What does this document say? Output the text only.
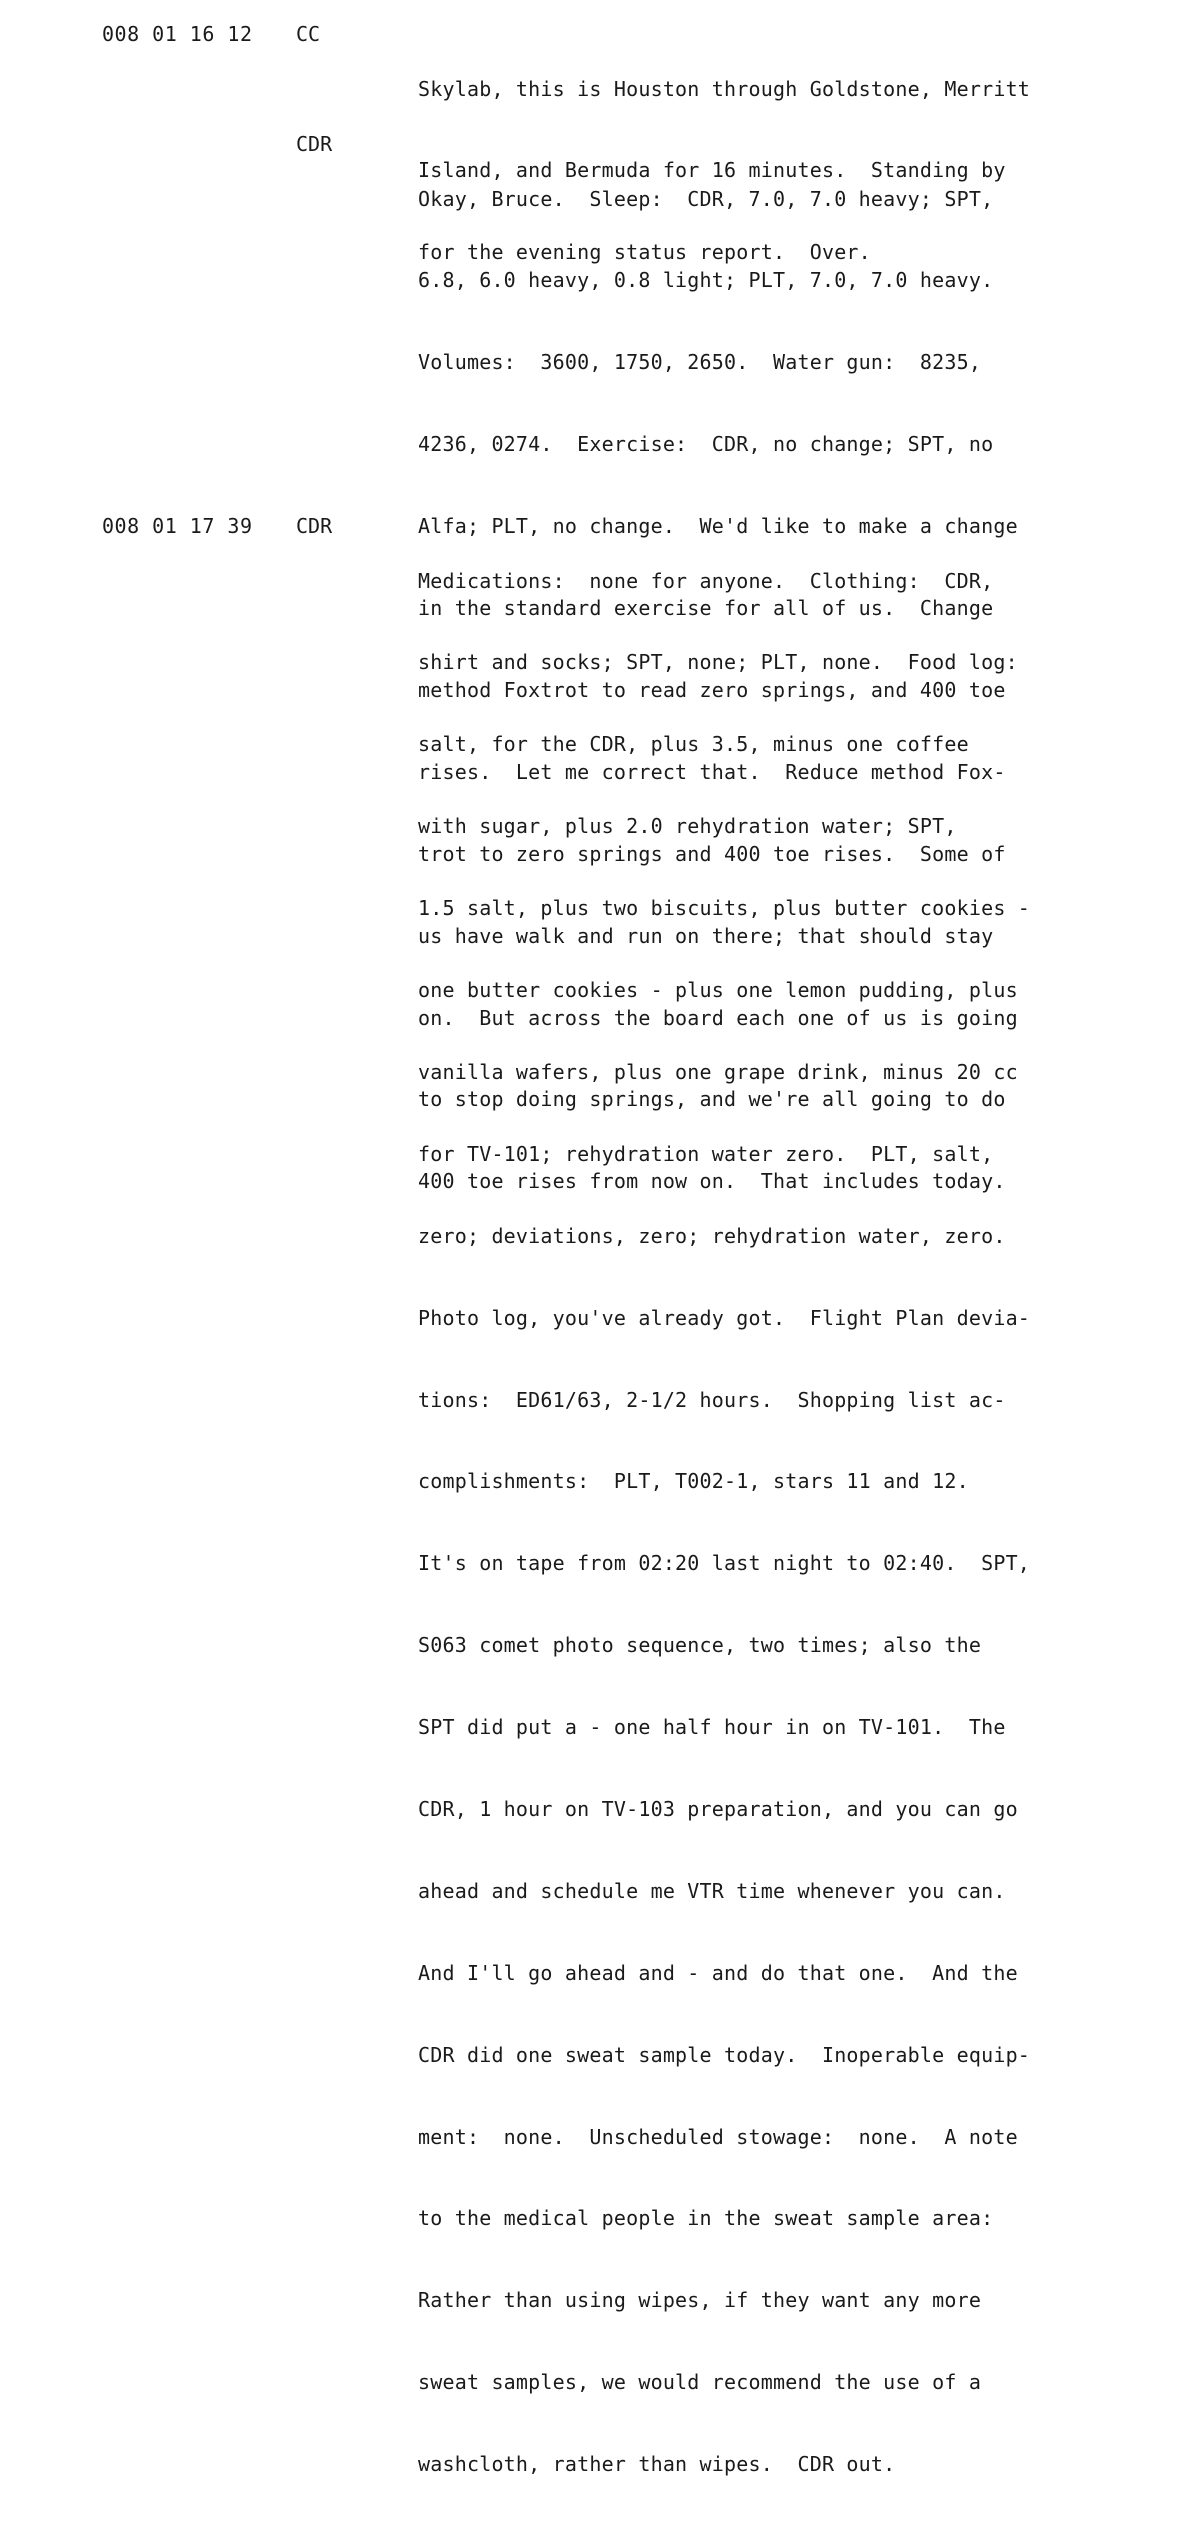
008 01 16 12 CC

Skylab, this is Houston through Goldstone, Merritt

Island, and Bermuda for 16 minutes.  Standing by

for the evening status report.  Over.

CDR

Okay, Bruce.  Sleep:  CDR, 7.0, 7.0 heavy; SPT,

6.8, 6.0 heavy, 0.8 light; PLT, 7.0, 7.0 heavy.

Volumes:  3600, 1750, 2650.  Water gun:  8235,

4236, 0274.  Exercise:  CDR, no change; SPT, no

Alfa; PLT, no change.  We'd like to make a change

in the standard exercise for all of us.  Change

method Foxtrot to read zero springs, and 400 toe

rises.  Let me correct that.  Reduce method Fox-

trot to zero springs and 400 toe rises.  Some of

us have walk and run on there; that should stay

on.  But across the board each one of us is going

to stop doing springs, and we're all going to do

400 toe rises from now on.  That includes today.

008 01 17 39 CDR

Medications:  none for anyone.  Clothing:  CDR,

shirt and socks; SPT, none; PLT, none.  Food log:

salt, for the CDR, plus 3.5, minus one coffee

with sugar, plus 2.0 rehydration water; SPT,

1.5 salt, plus two biscuits, plus butter cookies -

one butter cookies - plus one lemon pudding, plus

vanilla wafers, plus one grape drink, minus 20 cc

for TV-101; rehydration water zero.  PLT, salt,

zero; deviations, zero; rehydration water, zero.

Photo log, you've already got.  Flight Plan devia-

tions:  ED61/63, 2-1/2 hours.  Shopping list ac-

complishments:  PLT, T002-1, stars 11 and 12.

It's on tape from 02:20 last night to 02:40.  SPT,

S063 comet photo sequence, two times; also the

SPT did put a - one half hour in on TV-101.  The

CDR, 1 hour on TV-103 preparation, and you can go

ahead and schedule me VTR time whenever you can.

And I'll go ahead and - and do that one.  And the

CDR did one sweat sample today.  Inoperable equip-

ment:  none.  Unscheduled stowage:  none.  A note

to the medical people in the sweat sample area:

Rather than using wipes, if they want any more

sweat samples, we would recommend the use of a

washcloth, rather than wipes.  CDR out.
